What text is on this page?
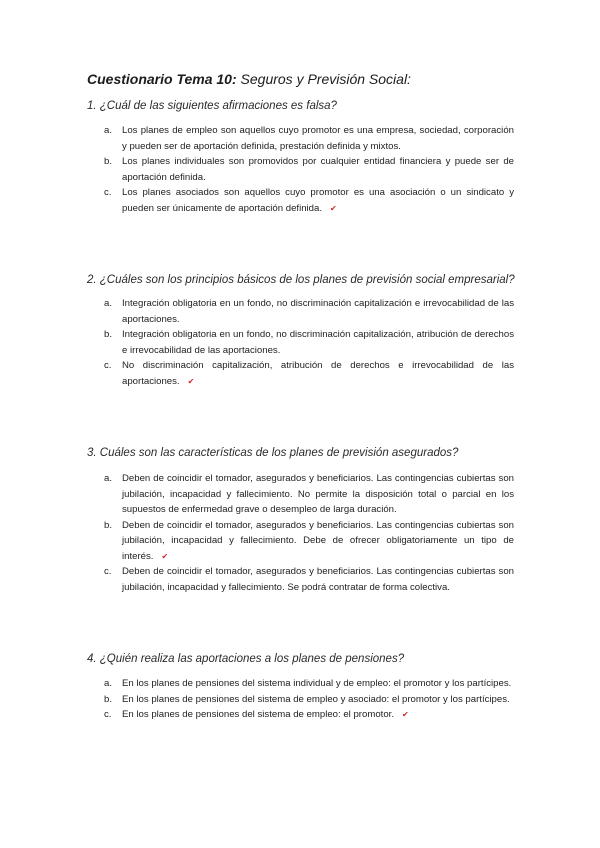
Cuestionario Tema 10: Seguros y Previsión Social:
1. ¿Cuál de las siguientes afirmaciones es falsa?
a. Los planes de empleo son aquellos cuyo promotor es una empresa, sociedad, corporación y pueden ser de aportación definida, prestación definida y mixtos.
b. Los planes individuales son promovidos por cualquier entidad financiera y puede ser de aportación definida.
c. Los planes asociados son aquellos cuyo promotor es una asociación o un sindicato y pueden ser únicamente de aportación definida. ✔
2. ¿Cuáles son los principios básicos de los planes de previsión social empresarial?
a. Integración obligatoria en un fondo, no discriminación capitalización e irrevocabilidad de las aportaciones.
b. Integración obligatoria en un fondo, no discriminación capitalización, atribución de derechos e irrevocabilidad de las aportaciones.
c. No discriminación capitalización, atribución de derechos e irrevocabilidad de las aportaciones. ✔
3. Cuáles son las características de los planes de previsión asegurados?
a. Deben de coincidir el tomador, asegurados y beneficiarios. Las contingencias cubiertas son jubilación, incapacidad y fallecimiento. No permite la disposición total o parcial en los supuestos de enfermedad grave o desempleo de larga duración.
b. Deben de coincidir el tomador, asegurados y beneficiarios. Las contingencias cubiertas son jubilación, incapacidad y fallecimiento. Debe de ofrecer obligatoriamente un tipo de interés. ✔
c. Deben de coincidir el tomador, asegurados y beneficiarios. Las contingencias cubiertas son jubilación, incapacidad y fallecimiento. Se podrá contratar de forma colectiva.
4. ¿Quién realiza las aportaciones a los planes de pensiones?
a. En los planes de pensiones del sistema individual y de empleo: el promotor y los partícipes.
b. En los planes de pensiones del sistema de empleo y asociado: el promotor y los partícipes.
c. En los planes de pensiones del sistema de empleo: el promotor. ✔
